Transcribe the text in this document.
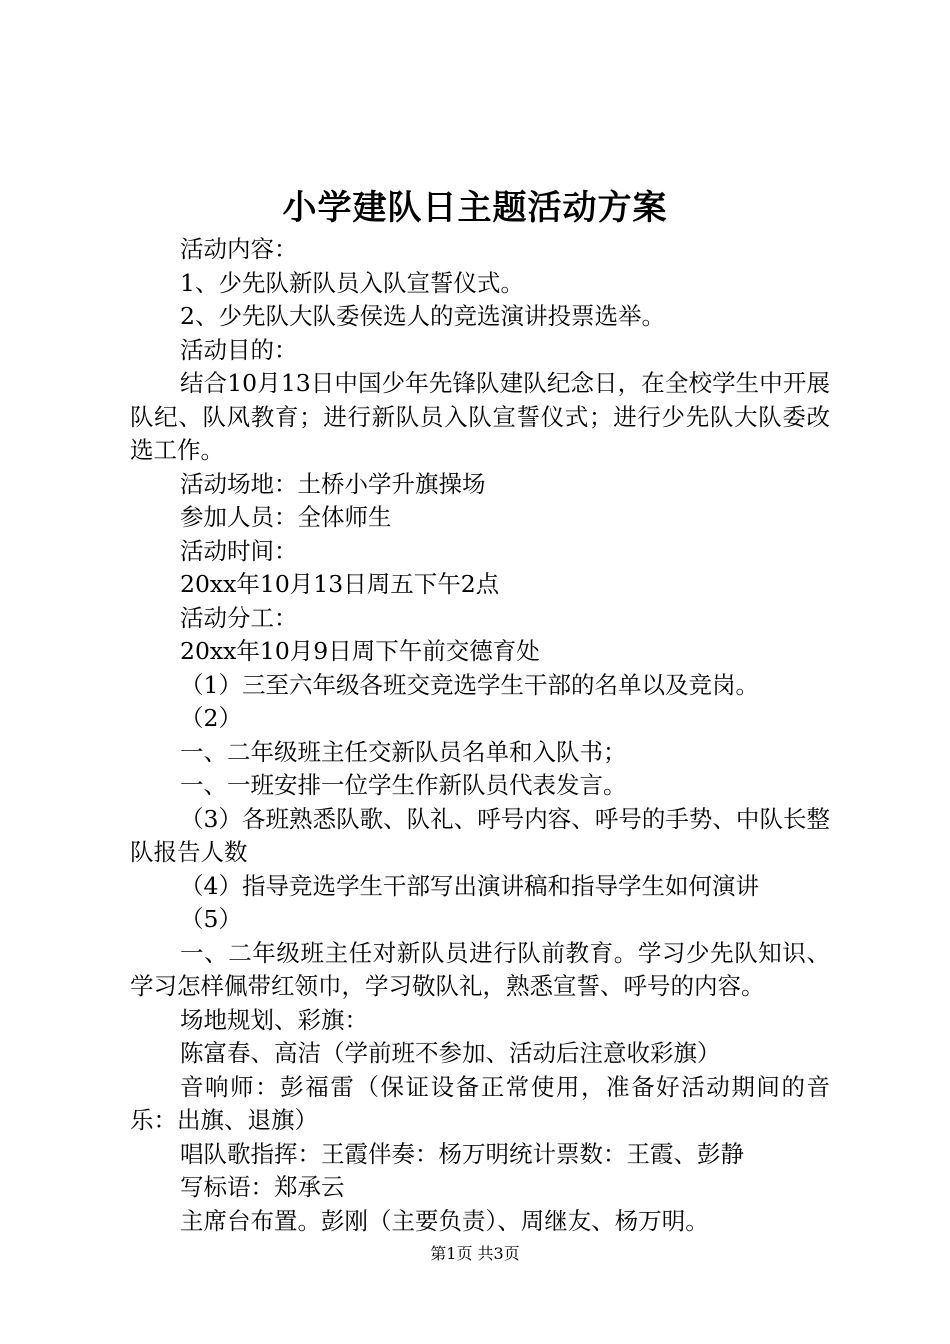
小学建队日主题活动方案

活动内容：

1、少先队新队员入队宣誓仪式。

2、少先队大队委侯选人的竞选演讲投票选举。

活动目的：

结合10月13日中国少年先锋队建队纪念日，在全校学生中开展队纪、队风教育；进行新队员入队宣誓仪式；进行少先队大队委改选工作。

活动场地：土桥小学升旗操场

参加人员：全体师生

活动时间：

20xx年10月13日周五下午2点

活动分工：

20xx年10月9日周下午前交德育处

（1）三至六年级各班交竞选学生干部的名单以及竞岗。

（2）

一、二年级班主任交新队员名单和入队书；

一、一班安排一位学生作新队员代表发言。

（3）各班熟悉队歌、队礼、呼号内容、呼号的手势、中队长整队报告人数

（4）指导竞选学生干部写出演讲稿和指导学生如何演讲

（5）

一、二年级班主任对新队员进行队前教育。学习少先队知识、学习怎样佩带红领巾，学习敬队礼，熟悉宣誓、呼号的内容。

场地规划、彩旗：

陈富春、高洁（学前班不参加、活动后注意收彩旗）

音响师：彭福雷（保证设备正常使用，准备好活动期间的音乐：出旗、退旗）

唱队歌指挥：王霞伴奏：杨万明统计票数：王霞、彭静

写标语：郑承云

主席台布置。彭刚（主要负责）、周继友、杨万明。

第1页 共3页
